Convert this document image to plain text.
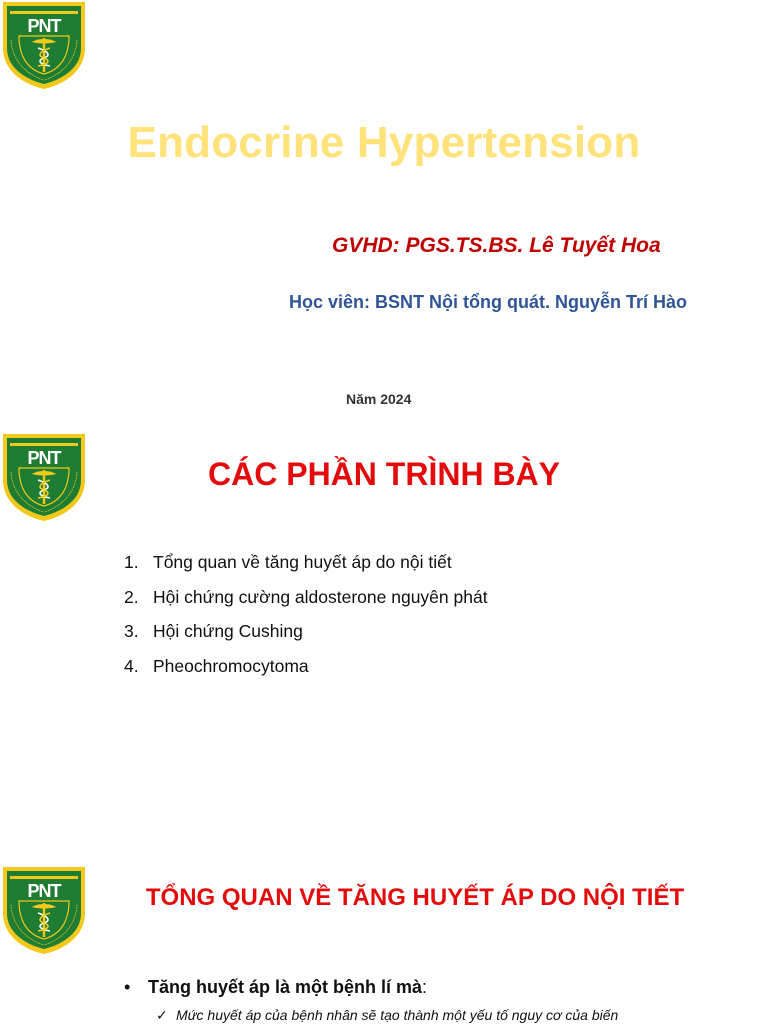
Endocrine Hypertension
GVHD: PGS.TS.BS. Lê Tuyết Hoa
Học viên: BSNT Nội tổng quát. Nguyễn Trí Hào
Năm 2024
CÁC PHẦN TRÌNH BÀY
1. Tổng quan về tăng huyết áp do nội tiết
2. Hội chứng cường aldosterone nguyên phát
3. Hội chứng Cushing
4. Pheochromocytoma
TỔNG QUAN VỀ TĂNG HUYẾT ÁP DO NỘI TIẾT
• Tăng huyết áp là một bệnh lí mà:
✓ Mức huyết áp của bệnh nhân sẽ tạo thành một yếu tố nguy cơ của biến
